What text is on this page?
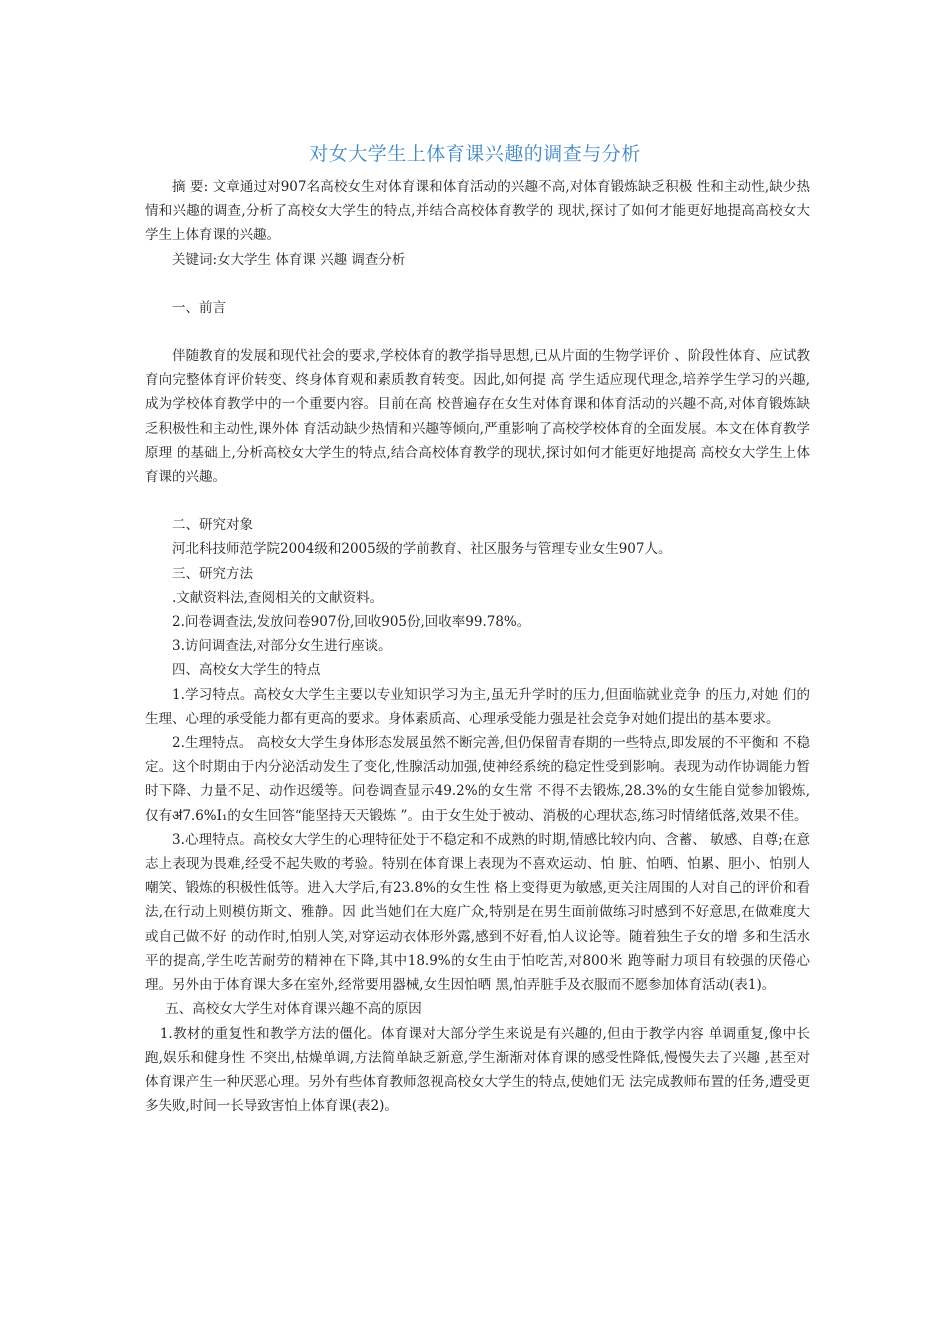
对女大学生上体育课兴趣的调查与分析

摘 要: 文章通过对907名高校女生对体育课和体育活动的兴趣不高,对体育锻炼缺乏积极 性和主动性,缺少热情和兴趣的调查,分析了高校女大学生的特点,并结合高校体育教学的 现状,探讨了如何才能更好地提高高校女大学生上体育课的兴趣。

关键词:女大学生 体育课 兴趣 调查分析

一、前言

伴随教育的发展和现代社会的要求,学校体育的教学指导思想,已从片面的生物学评价 、阶段性体育、应试教育向完整体育评价转变、终身体育观和素质教育转变。因此,如何提 高 学生适应现代理念,培养学生学习的兴趣,成为学校体育教学中的一个重要内容。目前在高 校普遍存在女生对体育课和体育活动的兴趣不高,对体育锻炼缺乏积极性和主动性,课外体 育活动缺少热情和兴趣等倾向,严重影响了高校学校体育的全面发展。本文在体育教学原理 的基础上,分析高校女大学生的特点,结合高校体育教学的现状,探讨如何才能更好地提高 高校女大学生上体育课的兴趣。

二、研究对象

河北科技师范学院2004级和2005级的学前教育、社区服务与管理专业女生907人。

三、研究方法

.文献资料法,查阅相关的文献资料。

2.问卷调查法,发放问卷907份,回收905份,回收率99.78%。

3.访问调查法,对部分女生进行座谈。

四、高校女大学生的特点

1.学习特点。高校女大学生主要以专业知识学习为主,虽无升学时的压力,但面临就业竞争 的压力,对她 们的生理、心理的承受能力都有更高的要求。身体素质高、心理承受能力强是社会竞争对她们提出的基本要求。

2.生理特点。 高校女大学生身体形态发展虽然不断完善,但仍保留青春期的一些特点,即发展的不平衡和 不稳定。这个时期由于内分泌活动发生了变化,性腺活动加强,使神经系统的稳定性受到影响。表现为动作协调能力暂时下降、力量不足、动作迟缓等。问卷调查显示49.2%的女生常 不得不去锻炼,28.3%的女生能自觉参加锻炼,仅有ॳ7.6%Ⅰ₁的女生回答“能坚持天天锻炼 ”。由于女生处于被动、消极的心理状态,练习时情绪低落,效果不佳。

3.心理特点。高校女大学生的心理特征处于不稳定和不成熟的时期,情感比较内向、含蓄、 敏感、自尊;在意志上表现为畏难,经受不起失败的考验。特别在体育课上表现为不喜欢运动、怕 脏、怕晒、怕累、胆小、怕别人嘲笑、锻炼的积极性低等。进入大学后,有23.8%的女生性 格上变得更为敏感,更关注周围的人对自己的评价和看法,在行动上则模仿斯文、雅静。因 此当她们在大庭广众,特别是在男生面前做练习时感到不好意思,在做难度大或自己做不好 的动作时,怕别人笑,对穿运动衣体形外露,感到不好看,怕人议论等。随着独生子女的增 多和生活水平的提高,学生吃苦耐劳的精神在下降,其中18.9%的女生由于怕吃苦,对800米 跑等耐力项目有较强的厌倦心理。另外由于体育课大多在室外,经常要用器械,女生因怕晒 黑,怕弄脏手及衣服而不愿参加体育活动(表1)。

五、高校女大学生对体育课兴趣不高的原因

1.教材的重复性和教学方法的僵化。体育课对大部分学生来说是有兴趣的,但由于教学内容 单调重复,像中长跑,娱乐和健身性 不突出,枯燥单调,方法简单缺乏新意,学生渐渐对体育课的感受性降低,慢慢失去了兴趣 ,甚至对体育课产生一种厌恶心理。另外有些体育教师忽视高校女大学生的特点,使她们无 法完成教师布置的任务,遭受更多失败,时间一长导致害怕上体育课(表2)。
